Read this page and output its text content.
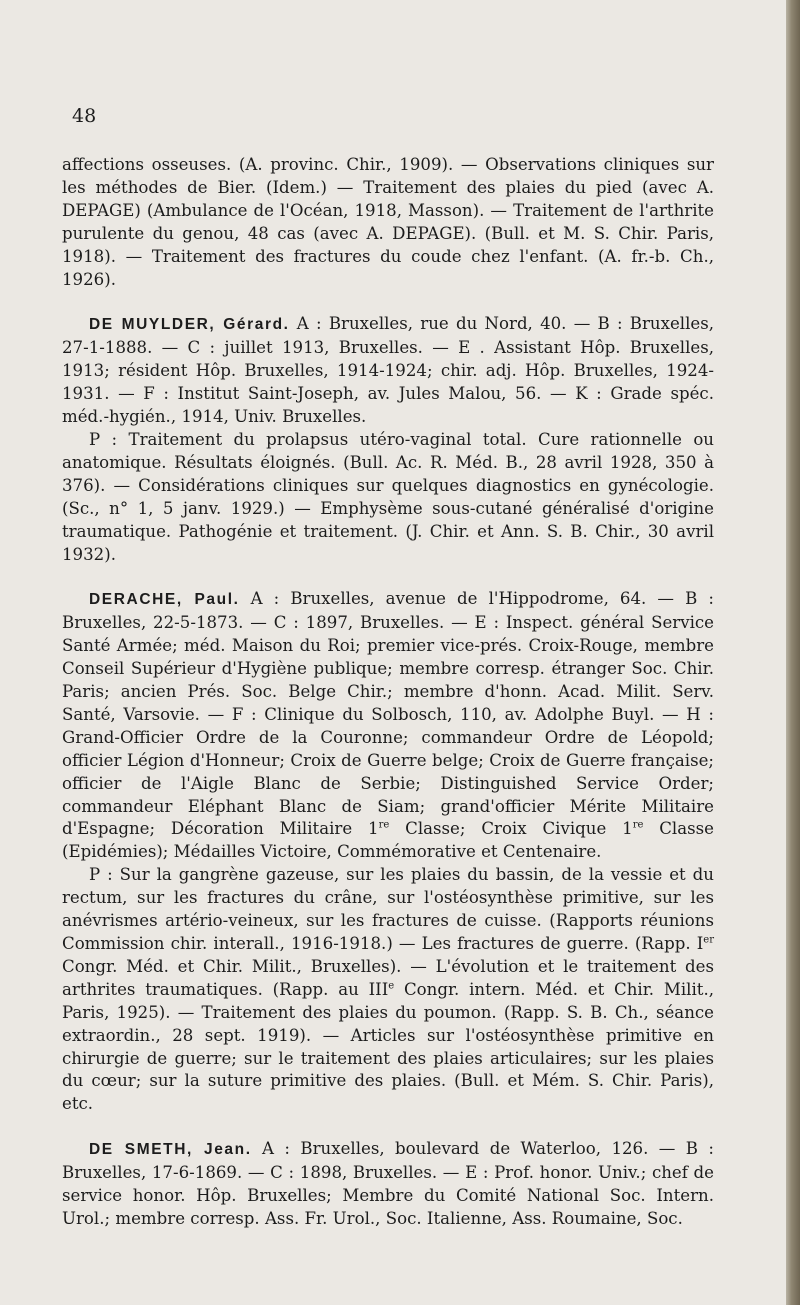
48

affections osseuses. (A. provinc. Chir., 1909). — Observations cliniques sur les méthodes de Bier. (Idem.) — Traitement des plaies du pied (avec A. DEPAGE) (Ambulance de l'Océan, 1918, Masson). — Traitement de l'arthrite purulente du genou, 48 cas (avec A. DEPAGE). (Bull. et M. S. Chir. Paris, 1918). — Traitement des fractures du coude chez l'enfant. (A. fr.-b. Ch., 1926).

DE MUYLDER, Gérard. A : Bruxelles, rue du Nord, 40. — B : Bruxelles, 27-1-1888. — C : juillet 1913, Bruxelles. — E . Assistant Hôp. Bruxelles, 1913; résident Hôp. Bruxelles, 1914-1924; chir. adj. Hôp. Bruxelles, 1924-1931. — F : Institut Saint-Joseph, av. Jules Malou, 56. — K : Grade spéc. méd.-hygién., 1914, Univ. Bruxelles.

P : Traitement du prolapsus utéro-vaginal total. Cure rationnelle ou anatomique. Résultats éloignés. (Bull. Ac. R. Méd. B., 28 avril 1928, 350 à 376). — Considérations cliniques sur quelques diagnostics en gynécologie. (Sc., n° 1, 5 janv. 1929.) — Emphysème sous-cutané généralisé d'origine traumatique. Pathogénie et traitement. (J. Chir. et Ann. S. B. Chir., 30 avril 1932).

DERACHE, Paul. A : Bruxelles, avenue de l'Hippodrome, 64. — B : Bruxelles, 22-5-1873. — C : 1897, Bruxelles. — E : Inspect. général Service Santé Armée; méd. Maison du Roi; premier vice-prés. Croix-Rouge, membre Conseil Supérieur d'Hygiène publique; membre corresp. étranger Soc. Chir. Paris; ancien Prés. Soc. Belge Chir.; membre d'honn. Acad. Milit. Serv. Santé, Varsovie. — F : Clinique du Solbosch, 110, av. Adolphe Buyl. — H : Grand-Officier Ordre de la Couronne; commandeur Ordre de Léopold; officier Légion d'Honneur; Croix de Guerre belge; Croix de Guerre française; officier de l'Aigle Blanc de Serbie; Distinguished Service Order; commandeur Eléphant Blanc de Siam; grand'officier Mérite Militaire d'Espagne; Décoration Militaire 1re Classe; Croix Civique 1re Classe (Epidémies); Médailles Victoire, Commémorative et Centenaire.

P : Sur la gangrène gazeuse, sur les plaies du bassin, de la vessie et du rectum, sur les fractures du crâne, sur l'ostéosynthèse primitive, sur les anévrismes artério-veineux, sur les fractures de cuisse. (Rapports réunions Commission chir. interall., 1916-1918.) — Les fractures de guerre. (Rapp. Ier Congr. Méd. et Chir. Milit., Bruxelles). — L'évolution et le traitement des arthrites traumatiques. (Rapp. au IIIe Congr. intern. Méd. et Chir. Milit., Paris, 1925). — Traitement des plaies du poumon. (Rapp. S. B. Ch., séance extraordin., 28 sept. 1919). — Articles sur l'ostéosynthèse primitive en chirurgie de guerre; sur le traitement des plaies articulaires; sur les plaies du cœur; sur la suture primitive des plaies. (Bull. et Mém. S. Chir. Paris), etc.

DE SMETH, Jean. A : Bruxelles, boulevard de Waterloo, 126. — B : Bruxelles, 17-6-1869. — C : 1898, Bruxelles. — E : Prof. honor. Univ.; chef de service honor. Hôp. Bruxelles; Membre du Comité National Soc. Intern. Urol.; membre corresp. Ass. Fr. Urol., Soc. Italienne, Ass. Roumaine, Soc.
